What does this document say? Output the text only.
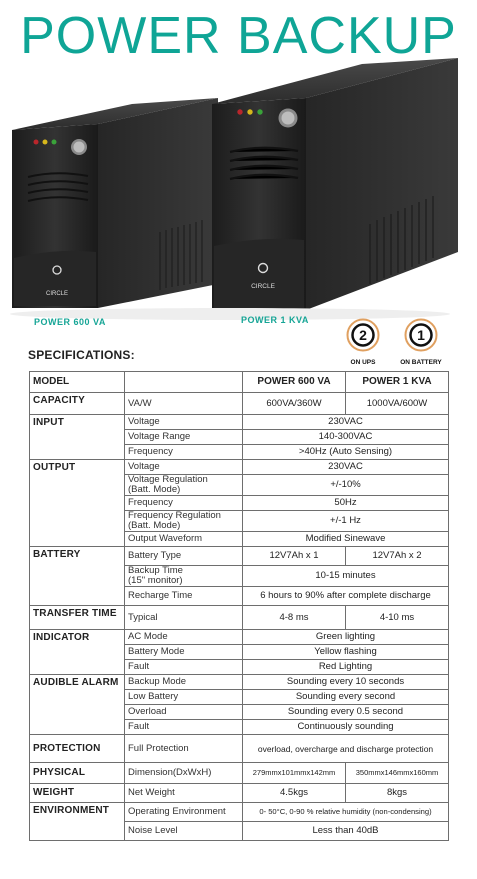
POWER BACKUP
CIRCLE
CIRCLE
POWER 600 VA	POWER 1 KVA
2
ON UPS
1
ON BATTERY
SPECIFICATIONS:
MODEL		POWER 600 VA	POWER 1 KVA
CAPACITY	VA/W	600VA/360W	1000VA/600W
INPUT	Voltage	230VAC	
	Voltage Range	140-300VAC	
	Frequency	>40Hz (Auto Sensing)	
OUTPUT	Voltage	230VAC	
	Voltage Regulation
(Batt. Mode)	+/-10%	
	Frequency	50Hz	
	Frequency Regulation
(Batt. Mode)	+/-1 Hz	
	Output Waveform	Modified Sinewave	
BATTERY	Battery Type	12V7Ah x 1	12V7Ah x 2
	Backup Time
(15" monitor)	10-15 minutes	
	Recharge Time	6 hours to 90% after complete discharge	
TRANSFER TIME	Typical	4-8 ms	4-10 ms
INDICATOR	AC Mode	Green lighting	
	Battery Mode	Yellow flashing	
	Fault	Red Lighting	
AUDIBLE ALARM	Backup Mode	Sounding every 10 seconds	
	Low Battery	Sounding every second	
	Overload	Sounding every 0.5 second	
	Fault	Continuously sounding	
PROTECTION	Full Protection	overload, overcharge and discharge protection	
PHYSICAL	Dimension(DxWxH)	279mmx101mmx142mm	350mmx146mmx160mm
WEIGHT	Net Weight	4.5kgs	8kgs
ENVIRONMENT	Operating Environment	0- 50°C, 0-90 % relative humidity (non-condensing)	
	Noise Level	Less than 40dB	
